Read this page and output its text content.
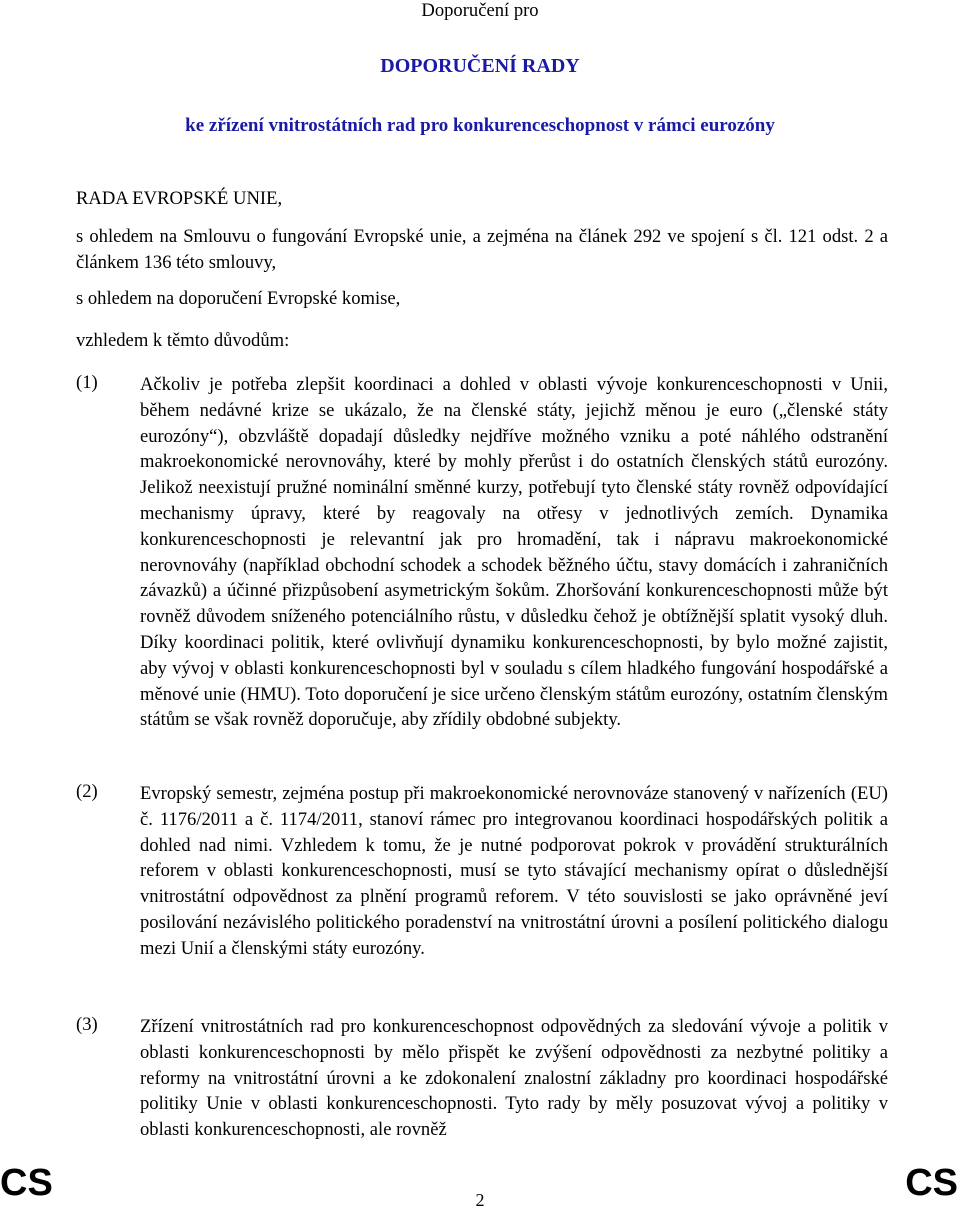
Doporučení pro
DOPORUČENÍ RADY
ke zřízení vnitrostátních rad pro konkurenceschopnost v rámci eurozóny
RADA EVROPSKÉ UNIE,
s ohledem na Smlouvu o fungování Evropské unie, a zejména na článek 292 ve spojení s čl. 121 odst. 2 a článkem 136 této smlouvy,
s ohledem na doporučení Evropské komise,
vzhledem k těmto důvodům:
(1) Ačkoliv je potřeba zlepšit koordinaci a dohled v oblasti vývoje konkurenceschopnosti v Unii, během nedávné krize se ukázalo, že na členské státy, jejichž měnou je euro („členské státy eurozóny“), obzvláště dopadají důsledky nejdříve možného vzniku a poté náhlého odstranění makroekonomické nerovnováhy, které by mohly přerůst i do ostatních členských států eurozóny. Jelikož neexistují pružné nominální směnné kurzy, potřebují tyto členské státy rovněž odpovídající mechanismy úpravy, které by reagovaly na otřesy v jednotlivých zemích. Dynamika konkurenceschopnosti je relevantní jak pro hromadění, tak i nápravu makroekonomické nerovnováhy (například obchodní schodek a schodek běžného účtu, stavy domácích i zahraničních závazků) a účinné přizpůsobení asymetrickým šokům. Zhoršování konkurenceschopnosti může být rovněž důvodem sníženého potenciálního růstu, v důsledku čehož je obtížnější splatit vysoký dluh. Díky koordinaci politik, které ovlivňují dynamiku konkurenceschopnosti, by bylo možné zajistit, aby vývoj v oblasti konkurenceschopnosti byl v souladu s cílem hladkého fungování hospodářské a měnové unie (HMU). Toto doporučení je sice určeno členským státům eurozóny, ostatním členským státům se však rovněž doporučuje, aby zřídily obdobné subjekty.
(2) Evropský semestr, zejména postup při makroekonomické nerovnováze stanovený v nařízeních (EU) č. 1176/2011 a č. 1174/2011, stanoví rámec pro integrovanou koordinaci hospodářských politik a dohled nad nimi. Vzhledem k tomu, že je nutné podporovat pokrok v provádění strukturálních reforem v oblasti konkurenceschopnosti, musí se tyto stávající mechanismy opírat o důslednější vnitrostátní odpovědnost za plnění programů reforem. V této souvislosti se jako oprávněné jeví posilování nezávislého politického poradenství na vnitrostátní úrovni a posílení politického dialogu mezi Unií a členskými státy eurozóny.
(3) Zřízení vnitrostátních rad pro konkurenceschopnost odpovědných za sledování vývoje a politik v oblasti konkurenceschopnosti by mělo přispět ke zvýšení odpovědnosti za nezbytné politiky a reformy na vnitrostátní úrovni a ke zdokonalení znalostní základny pro koordinaci hospodářské politiky Unie v oblasti konkurenceschopnosti. Tyto rady by měly posuzovat vývoj a politiky v oblasti konkurenceschopnosti, ale rovněž
CS	2	CS
